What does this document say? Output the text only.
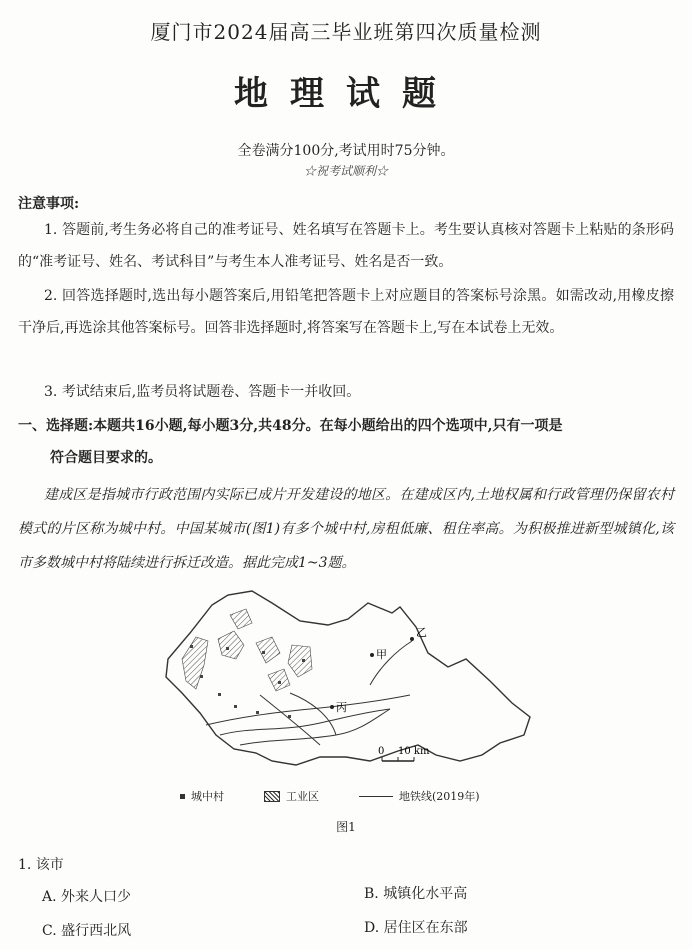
厦门市2024届高三毕业班第四次质量检测
地理试题
全卷满分100分,考试用时75分钟。
☆祝考试顺利☆
注意事项:
1. 答题前,考生务必将自己的准考证号、姓名填写在答题卡上。考生要认真核对答题卡上粘贴的条形码的“准考证号、姓名、考试科目”与考生本人准考证号、姓名是否一致。
2. 回答选择题时,选出每小题答案后,用铅笔把答题卡上对应题目的答案标号涂黑。如需改动,用橡皮擦干净后,再选涂其他答案标号。回答非选择题时,将答案写在答题卡上,写在本试卷上无效。
3. 考试结束后,监考员将试题卷、答题卡一并收回。
一、选择题:本题共16小题,每小题3分,共48分。在每小题给出的四个选项中,只有一项是
符合题目要求的。
建成区是指城市行政范围内实际已成片开发建设的地区。在建成区内,土地权属和行政管理仍保留农村模式的片区称为城中村。中国某城市(图1)有多个城中村,房租低廉、租住率高。为积极推进新型城镇化,该市多数城中村将陆续进行拆迁改造。据此完成1~3题。
甲
乙
丙
0 10 km
城中村	工业区	地铁线(2019年)
图1
1. 该市
A. 外来人口少	B. 城镇化水平高
C. 盛行西北风	D. 居住区在东部
